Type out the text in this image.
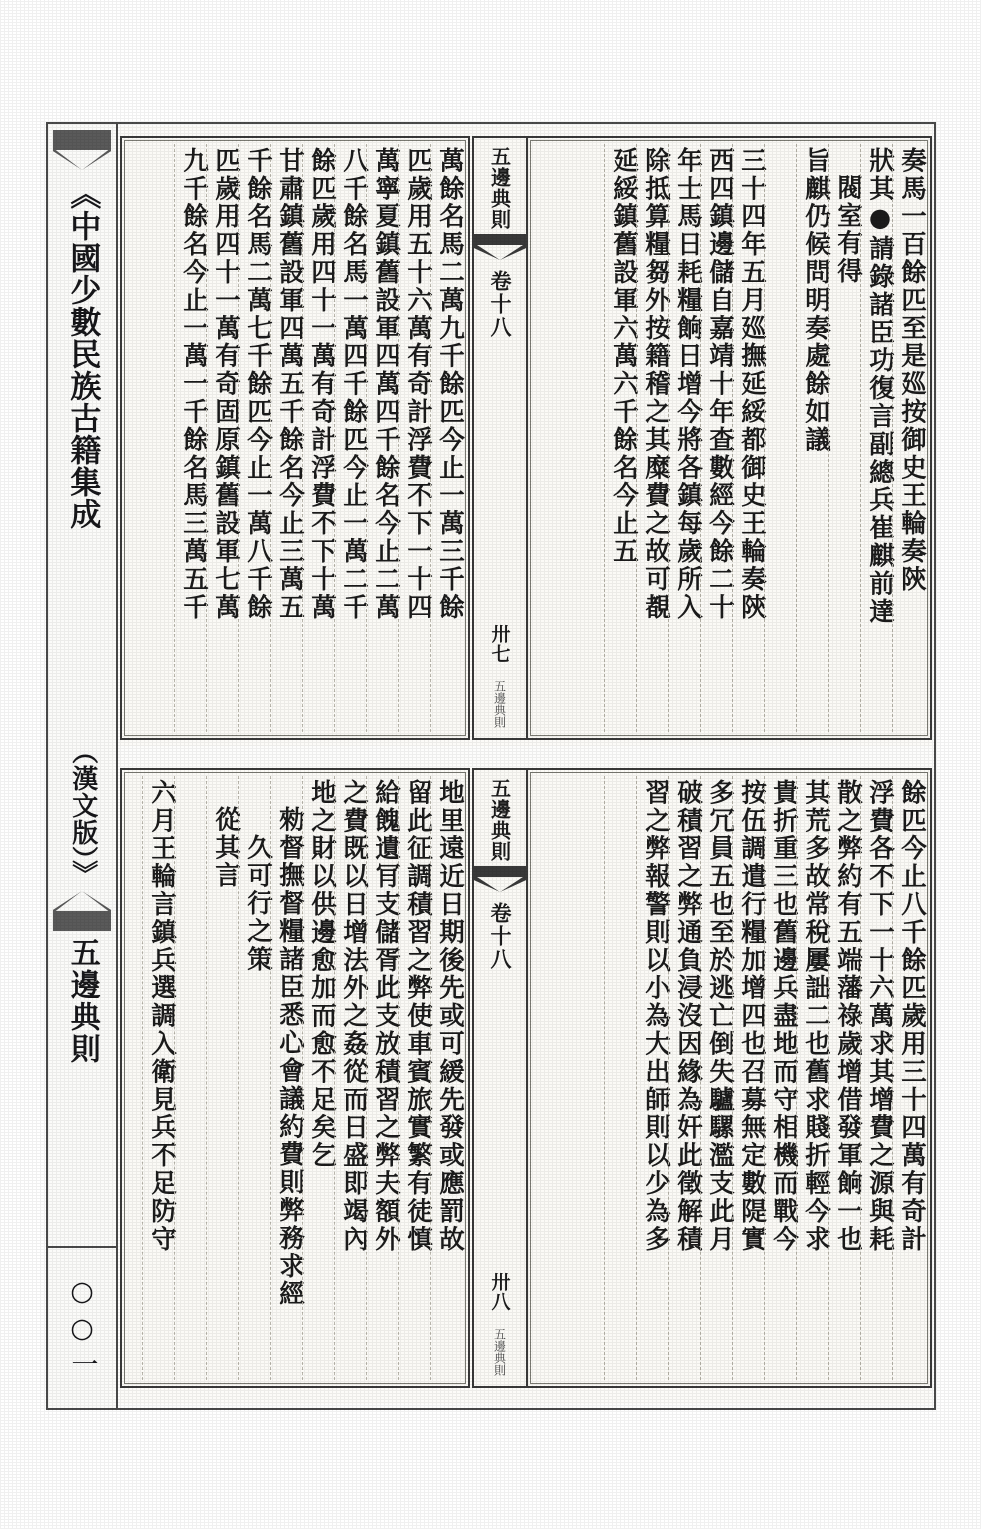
《中國少數民族古籍集成
（漢文版）》
五邊典則
○○一
奏馬一百餘匹至是廵按御史王輪奏陝
狀其●請錄諸臣功復言副總兵崔麒前達
閥室有得
旨麒仍候問明奏處餘如議
三十四年五月廵撫延綏都御史王輪奏陝
西四鎮邊儲自嘉靖十年查數經今餘二十
年士馬日耗糧餉日增今將各鎮每歲所入
除抵算糧芻外按籍稽之其糜費之故可覩
延綏鎮舊設軍六萬六千餘名今止五
五邊典則
卷十八
卅七
五邊典則
萬餘名馬二萬九千餘匹今止一萬三千餘
匹歲用五十六萬有奇計浮費不下一十四
萬寧夏鎮舊設軍四萬四千餘名今止二萬
八千餘名馬一萬四千餘匹今止一萬二千
餘匹歲用四十一萬有奇計浮費不下十萬
甘肅鎮舊設軍四萬五千餘名今止三萬五
千餘名馬二萬七千餘匹今止一萬八千餘
匹歲用四十一萬有奇固原鎮舊設軍七萬
九千餘名今止一萬一千餘名馬三萬五千
餘匹今止八千餘匹歲用三十四萬有奇計
浮費各不下一十六萬求其增費之源與耗
散之弊約有五端藩祿歲增借發軍餉一也
其荒多故常稅屢詘二也舊求賤折輕今求
貴折重三也舊邊兵盡地而守相機而戰今
按伍調遣行糧加增四也召募無定數隄實
多冗員五也至於逃亡倒失驢騾濫支此月
破積習之弊通負浸沒因緣為奸此徵解積
習之弊報警則以小為大出師則以少為多
五邊典則
卷十八
卅八
五邊典則
地里遠近日期後先或可緩先發或應罰故
留此征調積習之弊使車賓旅實繁有徒慎
給餽遺肎支儲胥此支放積習之弊夫額外
之費既以日增法外之姦從而日盛即竭內
地之財以供邊愈加而愈不足矣乞
勑督撫督糧諸臣悉心會議約費則弊務求經
久可行之策
從其言
六月王輪言鎮兵選調入衛見兵不足防守
